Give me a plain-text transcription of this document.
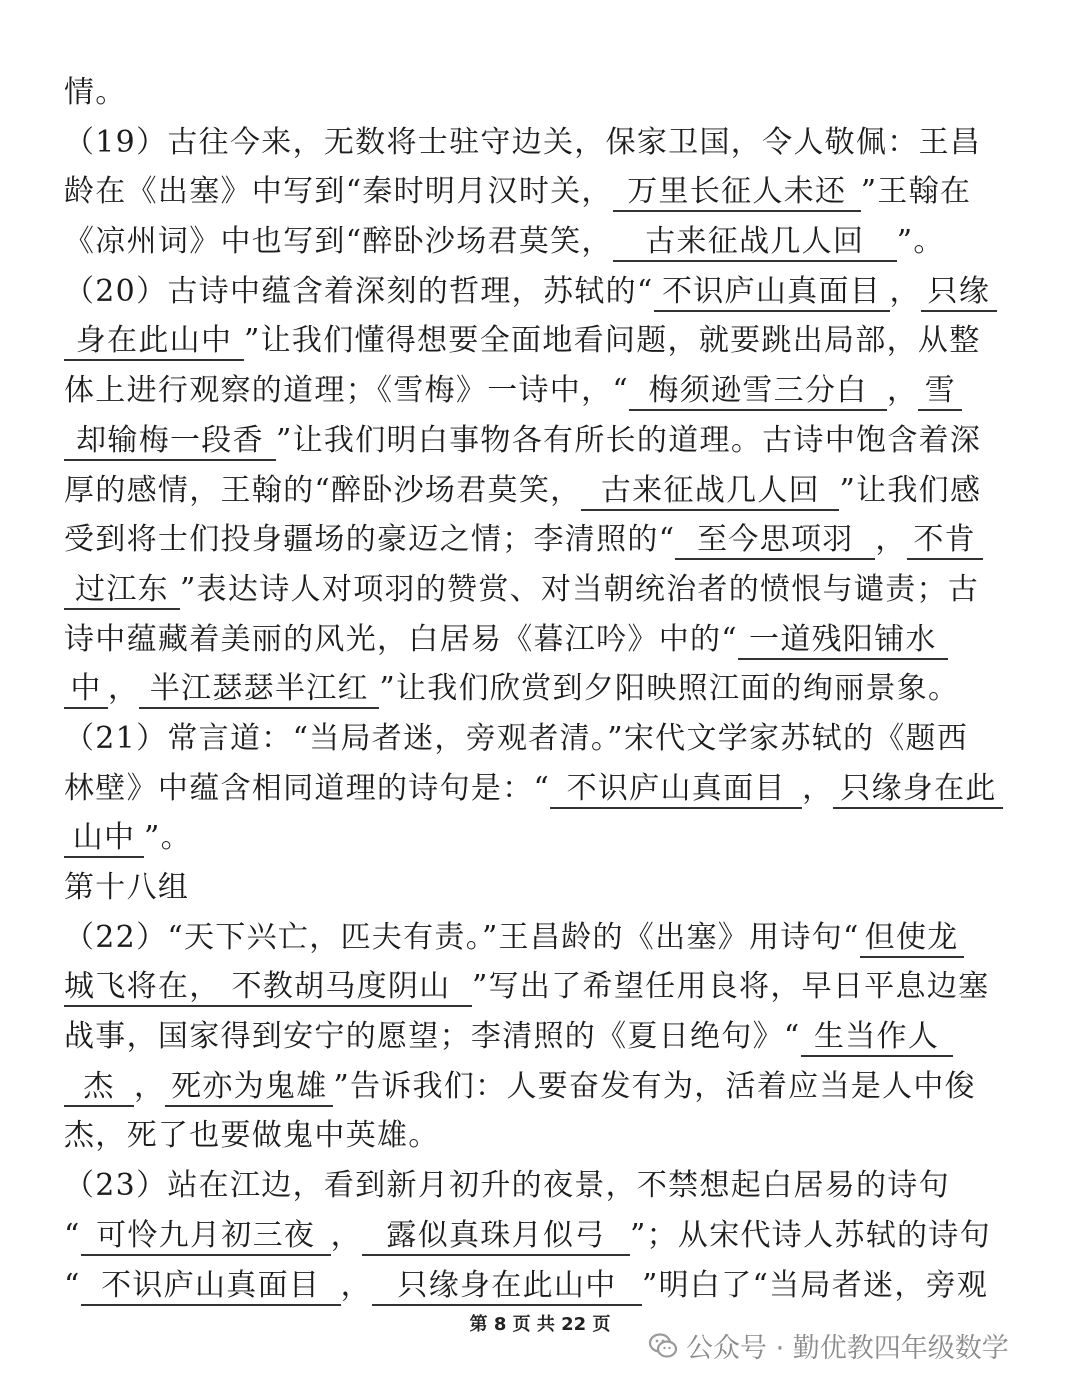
情。
（19）古往今来，无数将士驻守边关，保家卫国，令人敬佩：王昌
龄在《出塞》中写到“秦时明月汉时关， 万里长征人未还 ”王翰在
《凉州词》中也写到“醉卧沙场君莫笑， 古来征战几人回 ”。
（20）古诗中蕴含着深刻的哲理，苏轼的“ 不识庐山真面目 ， 只缘
身在此山中 ”让我们懂得想要全面地看问题，就要跳出局部，从整
体上进行观察的道理；《雪梅》一诗中，“ 梅须逊雪三分白 ， 雪
却输梅一段香 ”让我们明白事物各有所长的道理。古诗中饱含着深
厚的感情，王翰的“醉卧沙场君莫笑， 古来征战几人回 ”让我们感
受到将士们投身疆场的豪迈之情；李清照的“ 至今思项羽 ， 不肯
过江东 ”表达诗人对项羽的赞赏、对当朝统治者的愤恨与谴责；古
诗中蕴藏着美丽的风光，白居易《暮江吟》中的“ 一道残阳铺水
中 ， 半江瑟瑟半江红 ”让我们欣赏到夕阳映照江面的绚丽景象。
（21）常言道：“当局者迷，旁观者清。”宋代文学家苏轼的《题西
林壁》中蕴含相同道理的诗句是：“ 不识庐山真面目 ， 只缘身在此
山中 ”。
第十八组
（22）“天下兴亡，匹夫有责。”王昌龄的《出塞》用诗句“ 但使龙
城飞将在， 不教胡马度阴山 ”写出了希望任用良将，早日平息边塞
战事，国家得到安宁的愿望；李清照的《夏日绝句》“ 生当作人
杰 ， 死亦为鬼雄 ”告诉我们：人要奋发有为，活着应当是人中俊
杰，死了也要做鬼中英雄。
（23）站在江边，看到新月初升的夜景，不禁想起白居易的诗句
“ 可怜九月初三夜 ， 露似真珠月似弓 ”；从宋代诗人苏轼的诗句
“ 不识庐山真面目 ， 只缘身在此山中 ”明白了“当局者迷，旁观
第 8 页 共 22 页
公众号 · 勤优教四年级数学
